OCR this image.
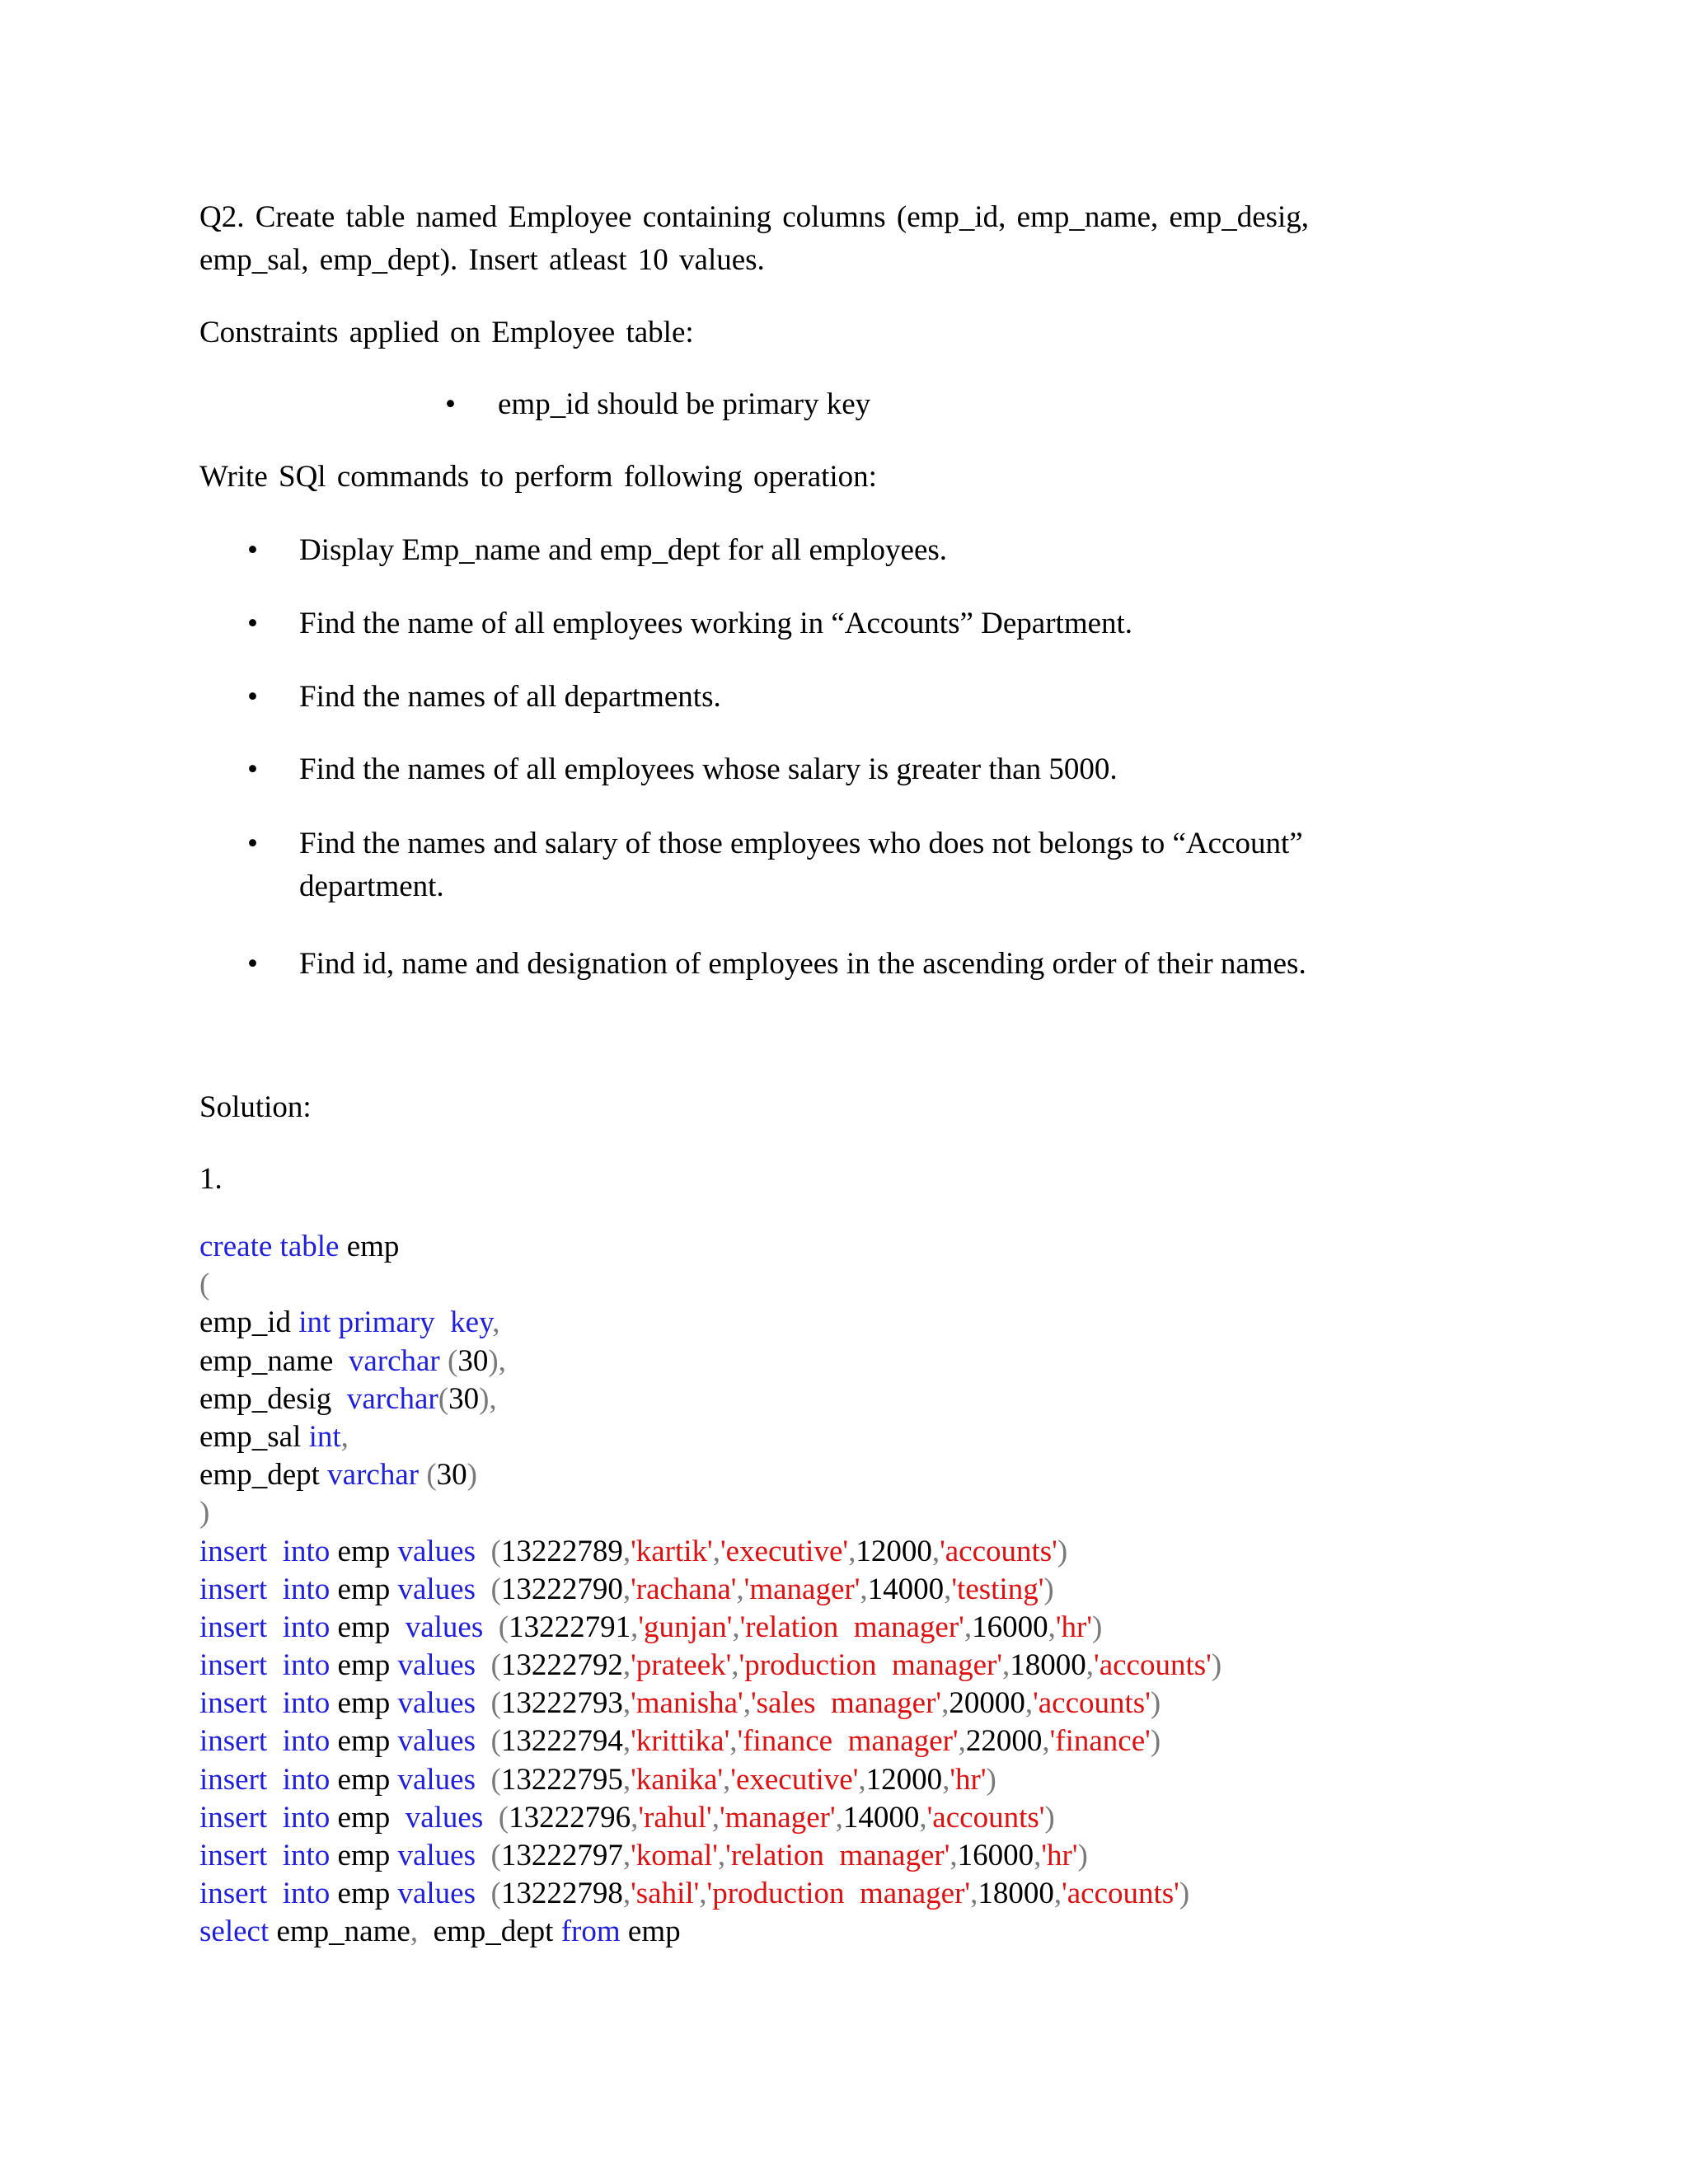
Q2. Create table named Employee containing columns (emp_id, emp_name, emp_desig,
emp_sal, emp_dept). Insert atleast 10 values.

Constraints applied on Employee table:

• emp_id should be primary key

Write SQl commands to perform following operation:

• Display Emp_name and emp_dept for all employees.
• Find the name of all employees working in “Accounts” Department.
• Find the names of all departments.
• Find the names of all employees whose salary is greater than 5000.
• Find the names and salary of those employees who does not belongs to “Account” department.
• Find id, name and designation of employees in the ascending order of their names.

Solution:

1.

create table emp
(
emp_id int primary  key,
emp_name  varchar (30),
emp_desig  varchar(30),
emp_sal int,
emp_dept varchar (30)
)
insert  into emp values  (13222789,'kartik','executive',12000,'accounts')
insert  into emp values  (13222790,'rachana','manager',14000,'testing')
insert  into emp  values  (13222791,'gunjan','relation  manager',16000,'hr')
insert  into emp values  (13222792,'prateek','production  manager',18000,'accounts')
insert  into emp values  (13222793,'manisha','sales  manager',20000,'accounts')
insert  into emp values  (13222794,'krittika','finance  manager',22000,'finance')
insert  into emp values  (13222795,'kanika','executive',12000,'hr')
insert  into emp  values  (13222796,'rahul','manager',14000,'accounts')
insert  into emp values  (13222797,'komal','relation  manager',16000,'hr')
insert  into emp values  (13222798,'sahil','production  manager',18000,'accounts')
select emp_name,  emp_dept from emp
